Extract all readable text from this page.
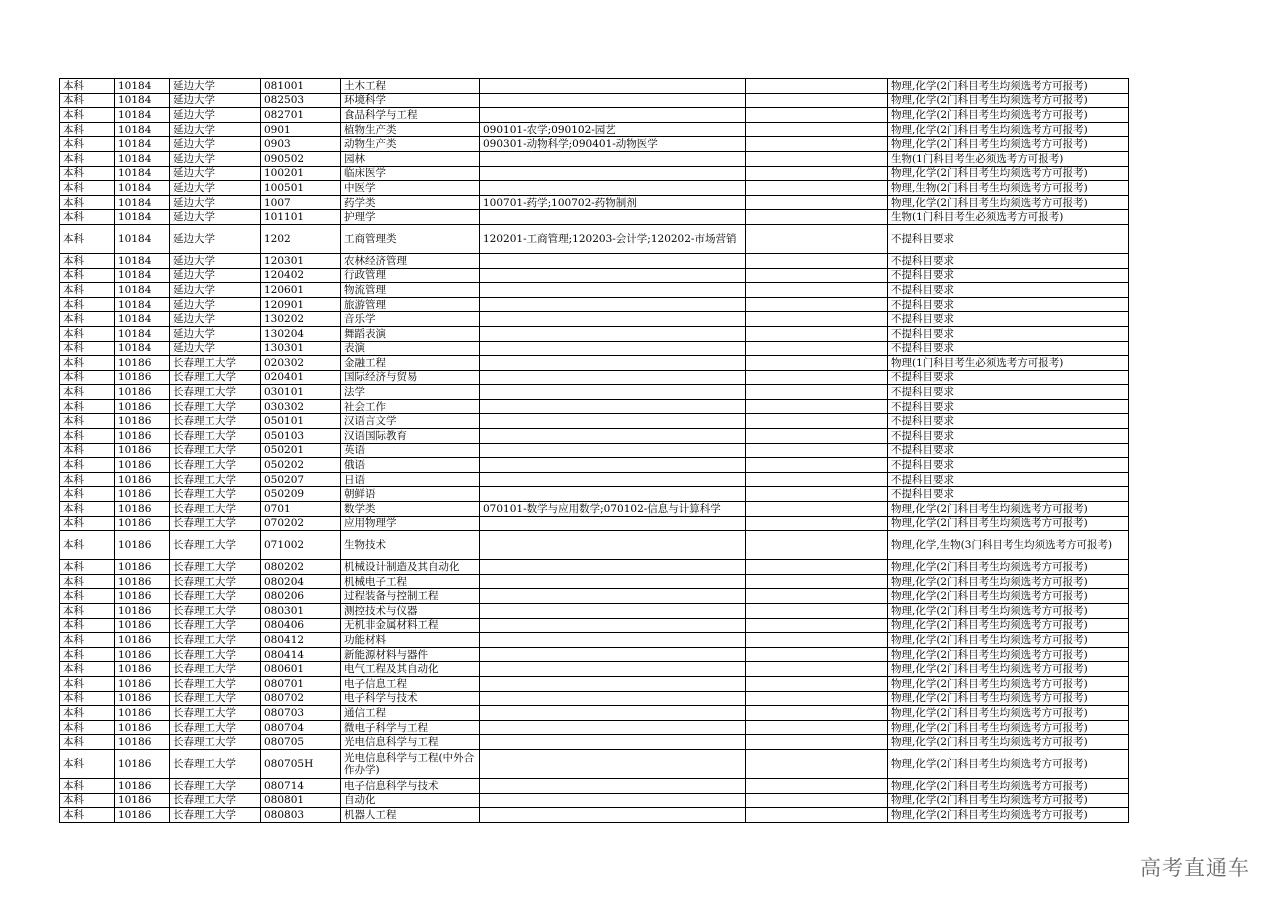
本科	10184	延边大学	081001	土木工程			物理,化学(2门科目考生均须选考方可报考)
本科	10184	延边大学	082503	环境科学			物理,化学(2门科目考生均须选考方可报考)
本科	10184	延边大学	082701	食品科学与工程			物理,化学(2门科目考生均须选考方可报考)
本科	10184	延边大学	0901	植物生产类	090101-农学;090102-园艺		物理,化学(2门科目考生均须选考方可报考)
本科	10184	延边大学	0903	动物生产类	090301-动物科学;090401-动物医学		物理,化学(2门科目考生均须选考方可报考)
本科	10184	延边大学	090502	园林			生物(1门科目考生必须选考方可报考)
本科	10184	延边大学	100201	临床医学			物理,化学(2门科目考生均须选考方可报考)
本科	10184	延边大学	100501	中医学			物理,生物(2门科目考生均须选考方可报考)
本科	10184	延边大学	1007	药学类	100701-药学;100702-药物制剂		物理,化学(2门科目考生均须选考方可报考)
本科	10184	延边大学	101101	护理学			生物(1门科目考生必须选考方可报考)
本科	10184	延边大学	1202	工商管理类	120201-工商管理;120203-会计学;120202-市场营销		不提科目要求
本科	10184	延边大学	120301	农林经济管理			不提科目要求
本科	10184	延边大学	120402	行政管理			不提科目要求
本科	10184	延边大学	120601	物流管理			不提科目要求
本科	10184	延边大学	120901	旅游管理			不提科目要求
本科	10184	延边大学	130202	音乐学			不提科目要求
本科	10184	延边大学	130204	舞蹈表演			不提科目要求
本科	10184	延边大学	130301	表演			不提科目要求
本科	10186	长春理工大学	020302	金融工程			物理(1门科目考生必须选考方可报考)
本科	10186	长春理工大学	020401	国际经济与贸易			不提科目要求
本科	10186	长春理工大学	030101	法学			不提科目要求
本科	10186	长春理工大学	030302	社会工作			不提科目要求
本科	10186	长春理工大学	050101	汉语言文学			不提科目要求
本科	10186	长春理工大学	050103	汉语国际教育			不提科目要求
本科	10186	长春理工大学	050201	英语			不提科目要求
本科	10186	长春理工大学	050202	俄语			不提科目要求
本科	10186	长春理工大学	050207	日语			不提科目要求
本科	10186	长春理工大学	050209	朝鲜语			不提科目要求
本科	10186	长春理工大学	0701	数学类	070101-数学与应用数学;070102-信息与计算科学		物理,化学(2门科目考生均须选考方可报考)
本科	10186	长春理工大学	070202	应用物理学			物理,化学(2门科目考生均须选考方可报考)
本科	10186	长春理工大学	071002	生物技术			物理,化学,生物(3门科目考生均须选考方可报考)
本科	10186	长春理工大学	080202	机械设计制造及其自动化			物理,化学(2门科目考生均须选考方可报考)
本科	10186	长春理工大学	080204	机械电子工程			物理,化学(2门科目考生均须选考方可报考)
本科	10186	长春理工大学	080206	过程装备与控制工程			物理,化学(2门科目考生均须选考方可报考)
本科	10186	长春理工大学	080301	测控技术与仪器			物理,化学(2门科目考生均须选考方可报考)
本科	10186	长春理工大学	080406	无机非金属材料工程			物理,化学(2门科目考生均须选考方可报考)
本科	10186	长春理工大学	080412	功能材料			物理,化学(2门科目考生均须选考方可报考)
本科	10186	长春理工大学	080414	新能源材料与器件			物理,化学(2门科目考生均须选考方可报考)
本科	10186	长春理工大学	080601	电气工程及其自动化			物理,化学(2门科目考生均须选考方可报考)
本科	10186	长春理工大学	080701	电子信息工程			物理,化学(2门科目考生均须选考方可报考)
本科	10186	长春理工大学	080702	电子科学与技术			物理,化学(2门科目考生均须选考方可报考)
本科	10186	长春理工大学	080703	通信工程			物理,化学(2门科目考生均须选考方可报考)
本科	10186	长春理工大学	080704	微电子科学与工程			物理,化学(2门科目考生均须选考方可报考)
本科	10186	长春理工大学	080705	光电信息科学与工程			物理,化学(2门科目考生均须选考方可报考)
本科	10186	长春理工大学	080705H	光电信息科学与工程(中外合作办学)			物理,化学(2门科目考生均须选考方可报考)
本科	10186	长春理工大学	080714	电子信息科学与技术			物理,化学(2门科目考生均须选考方可报考)
本科	10186	长春理工大学	080801	自动化			物理,化学(2门科目考生均须选考方可报考)
本科	10186	长春理工大学	080803	机器人工程			物理,化学(2门科目考生均须选考方可报考)
高考直通车
